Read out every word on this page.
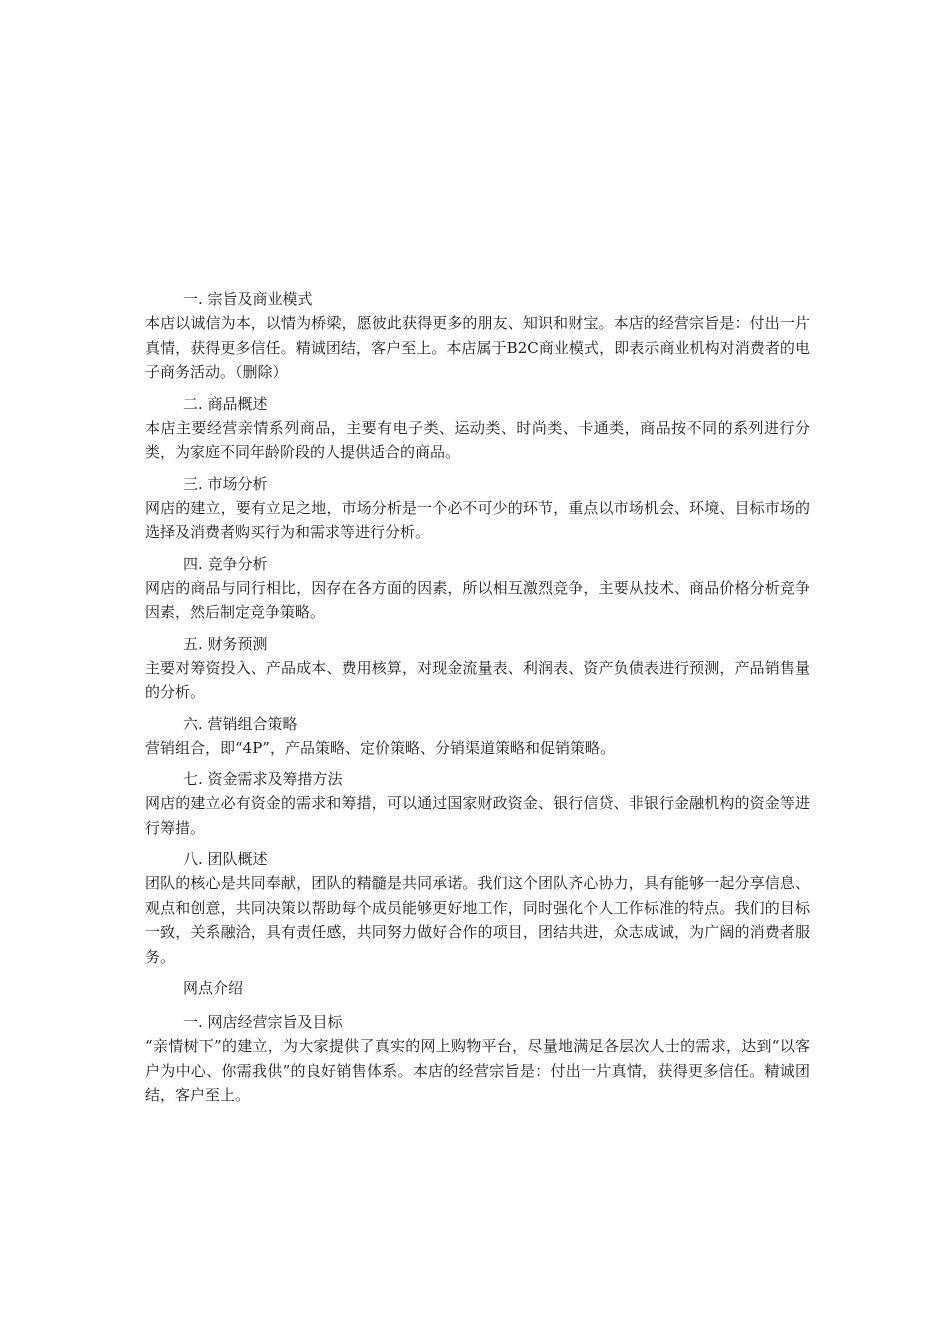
一. 宗旨及商业模式

本店以诚信为本，以情为桥梁，愿彼此获得更多的朋友、知识和财宝。本店的经营宗旨是：付出一片真情，获得更多信任。精诚团结，客户至上。本店属于B2C商业模式，即表示商业机构对消费者的电子商务活动。（删除）

二. 商品概述

本店主要经营亲情系列商品，主要有电子类、运动类、时尚类、卡通类，商品按不同的系列进行分类，为家庭不同年龄阶段的人提供适合的商品。

三. 市场分析

网店的建立，要有立足之地，市场分析是一个必不可少的环节，重点以市场机会、环境、目标市场的选择及消费者购买行为和需求等进行分析。

四. 竞争分析

网店的商品与同行相比，因存在各方面的因素，所以相互激烈竞争，主要从技术、商品价格分析竞争因素，然后制定竞争策略。

五. 财务预测

主要对筹资投入、产品成本、费用核算，对现金流量表、利润表、资产负债表进行预测，产品销售量的分析。

六. 营销组合策略

营销组合，即“4P”，产品策略、定价策略、分销渠道策略和促销策略。

七. 资金需求及筹措方法

网店的建立必有资金的需求和筹措，可以通过国家财政资金、银行信贷、非银行金融机构的资金等进行筹措。

八. 团队概述

团队的核心是共同奉献，团队的精髓是共同承诺。我们这个团队齐心协力，具有能够一起分享信息、观点和创意，共同决策以帮助每个成员能够更好地工作，同时强化个人工作标准的特点。我们的目标一致，关系融洽，具有责任感，共同努力做好合作的项目，团结共进，众志成诚，为广阔的消费者服务。

网点介绍

一. 网店经营宗旨及目标

“亲情树下”的建立，为大家提供了真实的网上购物平台，尽量地满足各层次人士的需求，达到“以客户为中心、你需我供”的良好销售体系。本店的经营宗旨是：付出一片真情，获得更多信任。精诚团结，客户至上。
